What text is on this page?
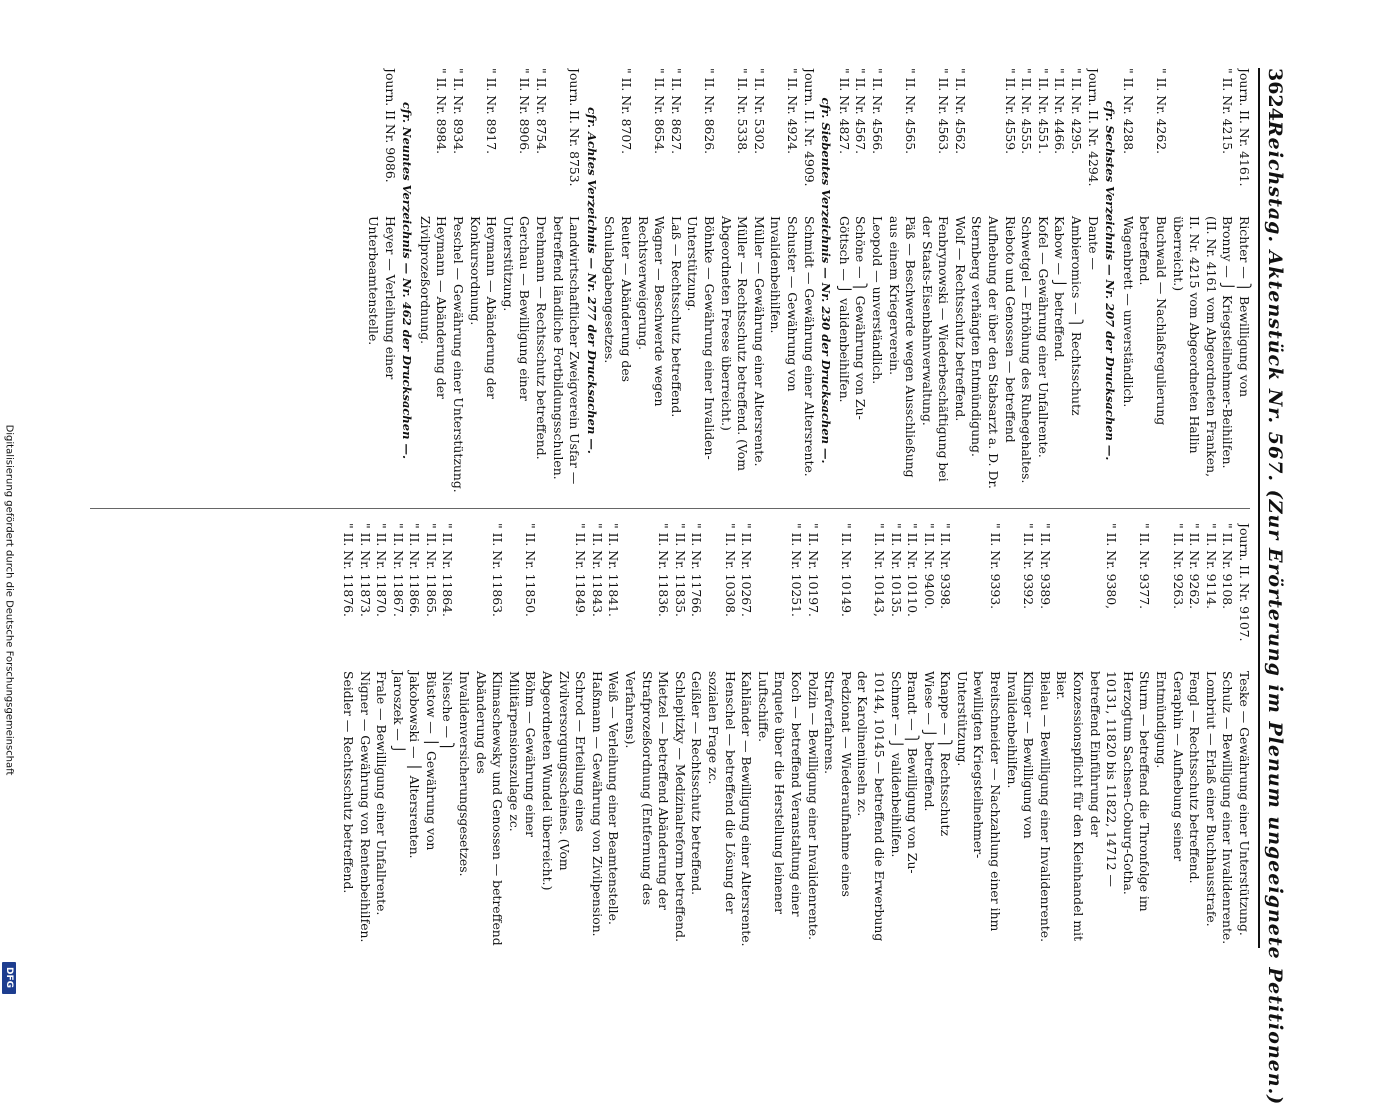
Digitalisierung gefördert durch die Deutsche Forschungsgemeinschaft
DFG
3624
Reichstag. Aktenstück Nr. 567. (Zur Erörterung im Plenum ungeeignete Petitionen.)
Journ. II. Nr. 4161.
Richter — ⎫ Bewilligung von
" II. Nr. 4215.
Bronny — ⎭ Kriegsteilnehmer-Beihilfen.
(II. Nr. 4161 vom Abgeordneten Franken, II. Nr. 4215 vom Abgeordneten Hallin überreicht.)
" II. Nr. 4262.
Buchwald — Nachlaßregulierung betreffend.
" II. Nr. 4288.
Wagenbrett — unverständlich.
cfr. Sechstes Verzeichnis — Nr. 207 der Drucksachen —.
Journ. II. Nr. 4294.
Dante —
" II. Nr. 4295.
Ambieromics — ⎫ Rechtsschutz
" II. Nr. 4466.
Kabow — ⎭ betreffend.
" II. Nr. 4551.
Kofel — Gewährung einer Unfallrente.
" II. Nr. 4555.
Schwetgel — Erhöhung des Ruhegehaltes.
" II. Nr. 4559.
Rieboto und Genossen — betreffend Aufhebung der über den Stabsarzt a. D. Dr. Sternberg verhängten Entmündigung.
" II. Nr. 4562.
Wolf — Rechtsschutz betreffend.
" II. Nr. 4563.
Fenbrynowski — Wiederbeschäftigung bei der Staats-Eisenbahnverwaltung.
" II. Nr. 4565.
Päß — Beschwerde wegen Ausschließung aus einem Kriegerverein.
" II. Nr. 4566.
Leopold — unverständlich.
" II. Nr. 4567.
Schöne — ⎫ Gewährung von Zu-
" II. Nr. 4827.
Göttsch — ⎭ validenbeihilfen.
cfr. Siebentes Verzeichnis — Nr. 230 der Drucksachen —.
Journ. II. Nr. 4909.
Schmidt — Gewährung einer Altersrente.
" II. Nr. 4924.
Schuster — Gewährung von Invalidenbeihilfen.
" II. Nr. 5302.
Müller — Gewährung einer Altersrente.
" II. Nr. 5338.
Müller — Rechtsschutz betreffend. (Vom Abgeordneten Freese überreicht.)
" II. Nr. 8626.
Böhnke — Gewährung einer Invaliden-Unterstützung.
" II. Nr. 8627.
Laß — Rechtsschutz betreffend.
" II. Nr. 8654.
Wagner — Beschwerde wegen Rechtsverweigerung.
" II. Nr. 8707.
Reuter — Abänderung des Schulabgabengesetzes.
cfr. Achtes Verzeichnis — Nr. 277 der Drucksachen —.
Journ. II. Nr. 8753.
Landwirtschaftlicher Zweigverein Usfar — betreffend ländliche Fortbildungsschulen.
" II. Nr. 8754.
Drehmann — Rechtsschutz betreffend.
" II. Nr. 8906.
Gerchau — Bewilligung einer Unterstützung.
" II. Nr. 8917.
Heymann — Abänderung der Konkursordnung.
" II. Nr. 8934.
Peschel — Gewährung einer Unterstützung.
" II. Nr. 8984.
Heymann — Abänderung der Zivilprozeßordnung.
cfr. Neuntes Verzeichnis — Nr. 462 der Drucksachen —.
Journ. II Nr. 9086.
Heyer — Verleihung einer Unterbeamtenstelle.
Journ. II. Nr. 9107.
Teske — Gewährung einer Unterstützung.
" II. Nr. 9108.
Schulz — Bewilligung einer Invalidenrente.
" II. Nr. 9114.
Lombriut — Erlaß einer Buchhausstrafe.
" II. Nr. 9262.
Fengl — Rechtsschutz betreffend.
" II. Nr. 9263.
Geraphin — Aufhebung seiner Entmündigung.
" II. Nr. 9377.
Sturm — betreffend die Thronfolge im Herzogtum Sachsen-Coburg-Gotha.
" II. Nr. 9380,
10131, 11820 bis 11822, 14712 — betreffend Einführung der Konzessionspflicht für den Kleinhandel mit Bier.
" II. Nr. 9389.
Bielau — Bewilligung einer Invalidenrente.
" II. Nr. 9392.
Klinger — Bewilligung von Invalidenbeihilfen.
" II. Nr. 9393.
Breitschneider — Nachzahlung einer ihm bewilligten Kriegsteilnehmer-Unterstützung.
" II. Nr. 9398.
Knappe — ⎫ Rechtsschutz
" II. Nr. 9400.
Wiese — ⎭ betreffend.
" II. Nr. 10110.
Brandt — ⎫ Bewilligung von Zu-
" II. Nr. 10135.
Schmer — ⎭ validenbeihilfen.
" II. Nr. 10143,
10144, 10145 — betreffend die Erwerbung der Karolineninseln zc.
" II. Nr. 10149.
Pedzionat — Wiederaufnahme eines Strafverfahrens.
" II. Nr. 10197.
Polzin — Bewilligung einer Invalidenrente.
" II. Nr. 10251.
Koch — betreffend Veranstaltung einer Enquete über die Herstellung leinener Luftschiffe.
" II. Nr. 10267.
Kahländer — Bewilligung einer Altersrente.
" II. Nr. 10308.
Henschel — betreffend die Lösung der sozialen Frage zc.
" II. Nr. 11766.
Geißler — Rechtsschutz betreffend.
" II. Nr. 11835.
Schlepitzky — Medizinalreform betreffend.
" II. Nr. 11836.
Mietzel — betreffend Abänderung der Strafprozeßordnung (Entfernung des Verfahrens).
" II. Nr. 11841.
Weiß — Verleihung einer Beamtenstelle.
" II. Nr. 11843.
Haßmann — Gewährung von Zivilpension.
" II. Nr. 11849.
Schrod — Erteilung eines Zivilversorgungsscheines. (Vom Abgeordneten Wundel überreicht.)
" II. Nr. 11850.
Böhm — Gewährung einer Militärpensionszulage zc.
" II. Nr. 11863.
Klimaschewsky und Genossen — betreffend Abänderung des Invalidenversicherungsgesetzes.
" II. Nr. 11864.
Niesche — ⎫
" II. Nr. 11865.
Büstow — ⎪ Gewährung von
" II. Nr. 11866.
Jakobowski — ⎪ Altersrenten.
" II. Nr. 11867.
Jaroszek — ⎭
" II. Nr. 11870.
Frale — Bewilligung einer Unfallrente.
" II. Nr. 11873.
Nigner — Gewährung von Rentenbeihilfen.
" II. Nr. 11876.
Seidler — Rechtsschutz betreffend.
